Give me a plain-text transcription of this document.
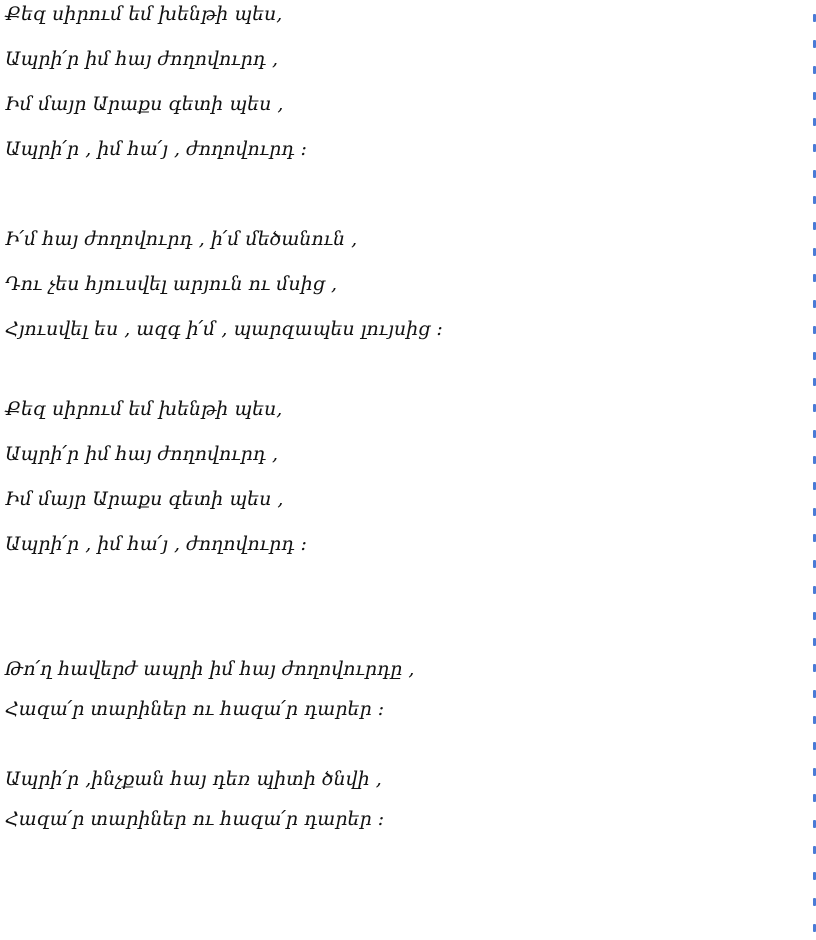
Քեզ սիրում եմ խենթի պես,
Ապրի՛ր իմ հայ ժողովուրդ ,
Իմ մայր Արաքս գետի պես ,
Ապրի՛ր , իմ հա՛յ , ժողովուրդ :
Ի՛մ հայ ժողովուրդ , ի՛մ մեծանուն ,
Դու չես հյուսվել արյուն ու մսից ,
Հյուսվել ես , ազգ ի՛մ , պարզապես լույսից :
Քեզ սիրում եմ խենթի պես,
Ապրի՛ր իմ հայ ժողովուրդ ,
Իմ մայր Արաքս գետի պես ,
Ապրի՛ր , իմ հա՛յ , ժողովուրդ :
Թո՛ղ հավերժ ապրի իմ հայ ժողովուրդը ,
Հազա՛ր տարիներ ու հազա՛ր դարեր :
Ապրի՛ր ,ինչքան հայ դեռ պիտի ծնվի ,
Հազա՛ր տարիներ ու հազա՛ր դարեր :
